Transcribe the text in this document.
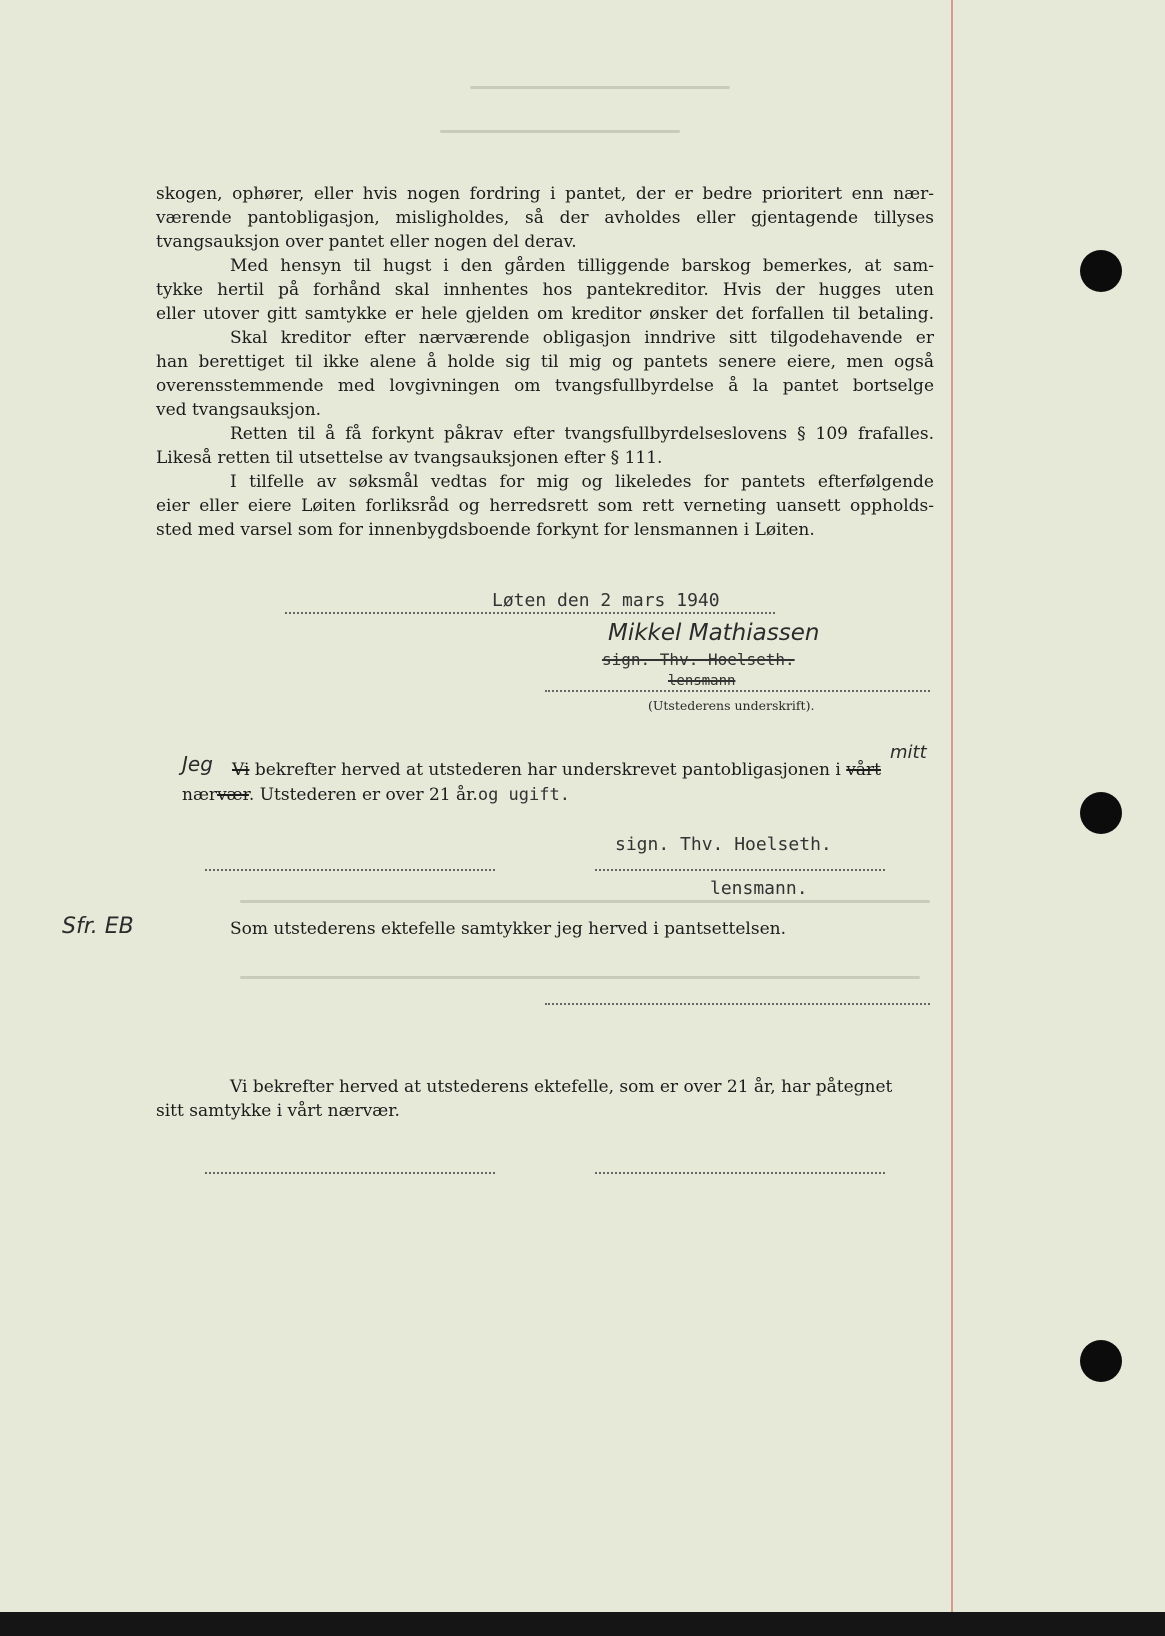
skogen, ophører, eller hvis nogen fordring i pantet, der er bedre prioritert enn nær-

værende pantobligasjon, misligholdes, så der avholdes eller gjentagende tillyses

tvangsauksjon over pantet eller nogen del derav.

Med hensyn til hugst i den gården tilliggende barskog bemerkes, at sam-

tykke hertil på forhånd skal innhentes hos pantekreditor. Hvis der hugges uten

eller utover gitt samtykke er hele gjelden om kreditor ønsker det forfallen til betaling.

Skal kreditor efter nærværende obligasjon inndrive sitt tilgodehavende er

han berettiget til ikke alene å holde sig til mig og pantets senere eiere, men også

overensstemmende med lovgivningen om tvangsfullbyrdelse å la pantet bortselge

ved tvangsauksjon.

Retten til å få forkynt påkrav efter tvangsfullbyrdelseslovens § 109 frafalles.

Likeså retten til utsettelse av tvangsauksjonen efter § 111.

I tilfelle av søksmål vedtas for mig og likeledes for pantets efterfølgende

eier eller eiere Løiten forliksråd og herredsrett som rett verneting uansett oppholds-

sted med varsel som for innenbygdsboende forkynt for lensmannen i Løiten.

Løten den 2 mars 1940
Mikkel Mathiassen
sign. Thv. Hoelseth.
lensmann
(Utstederens underskrift).
Jeg	mitt
Vi bekrefter herved at utstederen har underskrevet pantobligasjonen i vårt
nærvær. Utstederen er over 21 år.og ugift.
sign. Thv. Hoelseth.
lensmann.
Sfr. EB	Som utstederens ektefelle samtykker jeg herved i pantsettelsen.
Vi bekrefter herved at utstederens ektefelle, som er over 21 år, har påtegnet
sitt samtykke i vårt nærvær.
